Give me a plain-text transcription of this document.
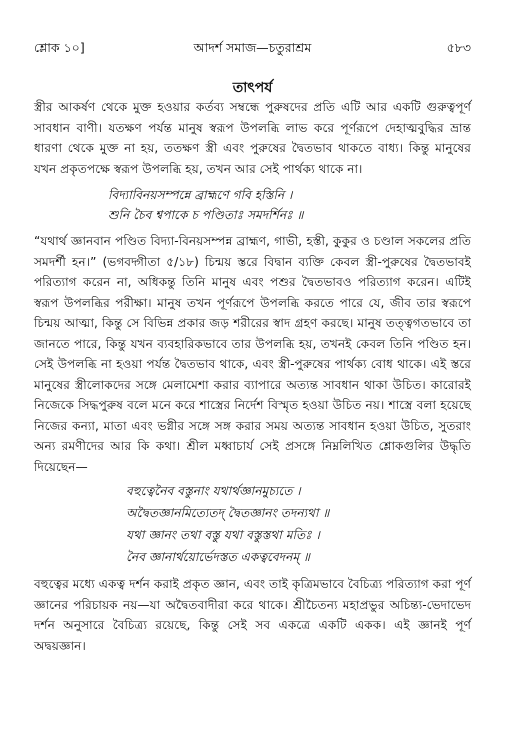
শ্লোক ১০]	আদর্শ সমাজ—চতুরাশ্রম	৫৮৩
তাৎপর্য

স্ত্রীর আকর্ষণ থেকে মুক্ত হওয়ার কর্তব্য সম্বন্ধে পুরুষদের প্রতি এটি আর একটি গুরুত্বপূর্ণ সাবধান বাণী। যতক্ষণ পর্যন্ত মানুষ স্বরূপ উপলব্ধি লাভ করে পূর্ণরূপে দেহাত্মবুদ্ধির ভ্রান্ত ধারণা থেকে মুক্ত না হয়, ততক্ষণ স্ত্রী এবং পুরুষের দ্বৈতভাব থাকতে বাধ্য। কিন্তু মানুষের যখন প্রকৃতপক্ষে স্বরূপ উপলব্ধি হয়, তখন আর সেই পার্থক্য থাকে না।

বিদ্যাবিনয়সম্পন্নে ব্রাহ্মণে গবি হস্তিনি ।
শুনি চৈব শ্বপাকে চ পণ্ডিতাঃ সমদর্শিনঃ ॥

“যথার্থ জ্ঞানবান পণ্ডিত বিদ্যা-বিনয়সম্পন্ন ব্রাহ্মণ, গাভী, হস্তী, কুকুর ও চণ্ডাল সকলের প্রতি সমদর্শী হন।” (ভগবদ্গীতা ৫/১৮) চিন্ময় স্তরে বিদ্বান ব্যক্তি কেবল স্ত্রী-পুরুষের দ্বৈতভাবই পরিত্যাগ করেন না, অধিকন্তু তিনি মানুষ এবং পশুর দ্বৈতভাবও পরিত্যাগ করেন। এটিই স্বরূপ উপলব্ধির পরীক্ষা। মানুষ তখন পূর্ণরূপে উপলব্ধি করতে পারে যে, জীব তার স্বরূপে চিন্ময় আত্মা, কিন্তু সে বিভিন্ন প্রকার জড় শরীরের স্বাদ গ্রহণ করছে। মানুষ তত্ত্বগতভাবে তা জানতে পারে, কিন্তু যখন ব্যবহারিকভাবে তার উপলব্ধি হয়, তখনই কেবল তিনি পণ্ডিত হন। সেই উপলব্ধি না হওয়া পর্যন্ত দ্বৈতভাব থাকে, এবং স্ত্রী-পুরুষের পার্থক্য বোধ থাকে। এই স্তরে মানুষের স্ত্রীলোকদের সঙ্গে মেলামেশা করার ব্যাপারে অত্যন্ত সাবধান থাকা উচিত। কারোরই নিজেকে সিদ্ধপুরুষ বলে মনে করে শাস্ত্রের নির্দেশ বিস্মৃত হওয়া উচিত নয়। শাস্ত্রে বলা হয়েছে নিজের কন্যা, মাতা এবং ভগ্নীর সঙ্গে সঙ্গ করার সময় অত্যন্ত সাবধান হওয়া উচিত, সুতরাং অন্য রমণীদের আর কি কথা। শ্রীল মধ্বাচার্য সেই প্রসঙ্গে নিম্নলিখিত শ্লোকগুলির উদ্ধৃতি দিয়েছেন—

বহুত্বেনৈব বস্তুনাং যথার্থজ্ঞানমুচ্যতে ।
অদ্বৈতজ্ঞানমিত্যেতদ্ দ্বৈতজ্ঞানং তদন্যথা ॥
যথা জ্ঞানং তথা বস্তু যথা বস্তুস্তথা মতিঃ ।
নৈব জ্ঞানার্থয়োর্ভেদস্তত একত্ববেদনম্ ॥

বহুত্বের মধ্যে একত্ব দর্শন করাই প্রকৃত জ্ঞান, এবং তাই কৃত্রিমভাবে বৈচিত্র্য পরিত্যাগ করা পূর্ণ জ্ঞানের পরিচায়ক নয়—যা অদ্বৈতবাদীরা করে থাকে। শ্রীচৈতন্য মহাপ্রভুর অচিন্ত্য-ভেদাভেদ দর্শন অনুসারে বৈচিত্র্য রয়েছে, কিন্তু সেই সব একত্রে একটি একক। এই জ্ঞানই পূর্ণ অদ্বয়জ্ঞান।
